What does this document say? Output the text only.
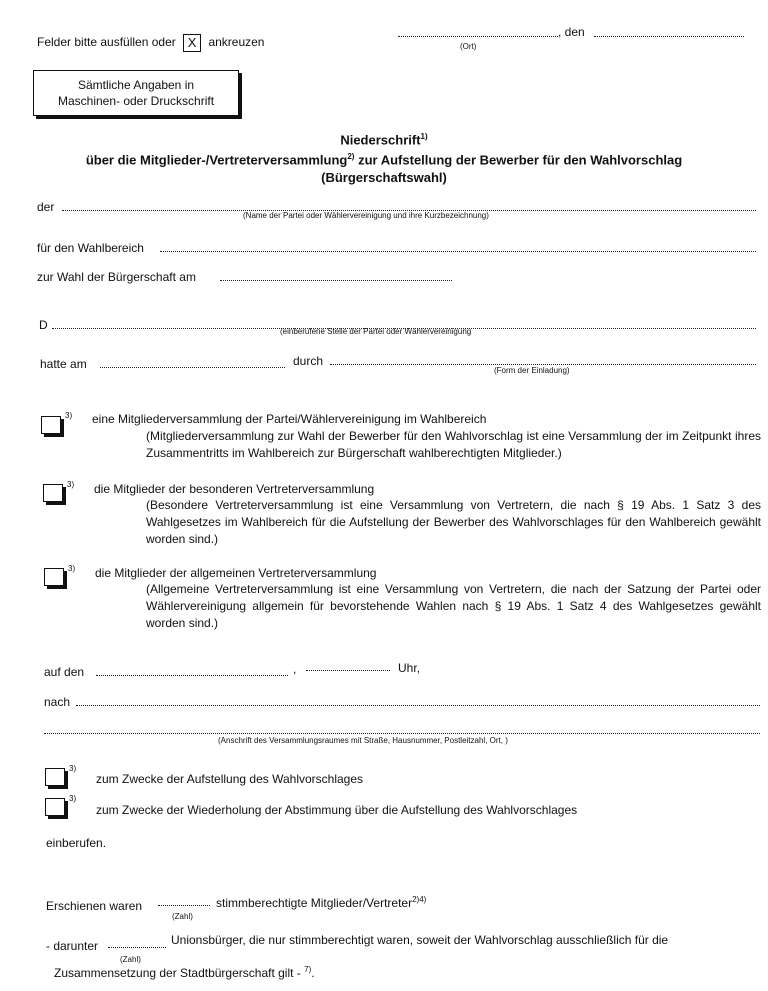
Felder bitte ausfüllen oder X ankreuzen
, den
(Ort)
Sämtliche Angaben in
Maschinen- oder Druckschrift
Niederschrift$^{1)}$
über die Mitglieder-/Vertreterversammlung$^{2)}$ zur Aufstellung der Bewerber für den Wahlvorschlag
(Bürgerschaftswahl)
der
(Name der Partei oder Wählervereinigung und ihre Kurzbezeichnung)
für den Wahlbereich
zur Wahl der Bürgerschaft am
D	(einberufene Stelle der Partei oder Wählervereinigung
hatte am	durch
(Form der Einladung)
3) eine Mitgliederversammlung der Partei/Wählervereinigung im Wahlbereich
(Mitgliederversammlung zur Wahl der Bewerber für den Wahlvorschlag ist eine Versammlung der im Zeitpunkt ihres Zusammentritts im Wahlbereich zur Bürgerschaft wahlberechtigten Mitglieder.)
3) die Mitglieder der besonderen Vertreterversammlung
(Besondere Vertreterversammlung ist eine Versammlung von Vertretern, die nach § 19 Abs. 1 Satz 3 des Wahlgesetzes im Wahlbereich für die Aufstellung der Bewerber des Wahlvorschlages für den Wahlbereich gewählt worden sind.)
3) die Mitglieder der allgemeinen Vertreterversammlung
(Allgemeine Vertreterversammlung ist eine Versammlung von Vertretern, die nach der Satzung der Partei oder Wählervereinigung allgemein für bevorstehende Wahlen nach § 19 Abs. 1 Satz 4 des Wahlgesetzes gewählt worden sind.)
auf den	,	Uhr,
nach
(Anschrift des Versammlungsraumes mit Straße, Hausnummer, Postleitzahl, Ort, )
3)
zum Zwecke der Aufstellung des Wahlvorschlages
3)
zum Zwecke der Wiederholung der Abstimmung über die Aufstellung des Wahlvorschlages
einberufen.
Erschienen waren	stimmberechtigte Mitglieder/Vertreter$^{2)4)}$
(Zahl)
- darunter	Unionsbürger, die nur stimmberechtigt waren, soweit der Wahlvorschlag ausschließlich für die
(Zahl)
Zusammensetzung der Stadtbürgerschaft gilt - $^{7)}$.
